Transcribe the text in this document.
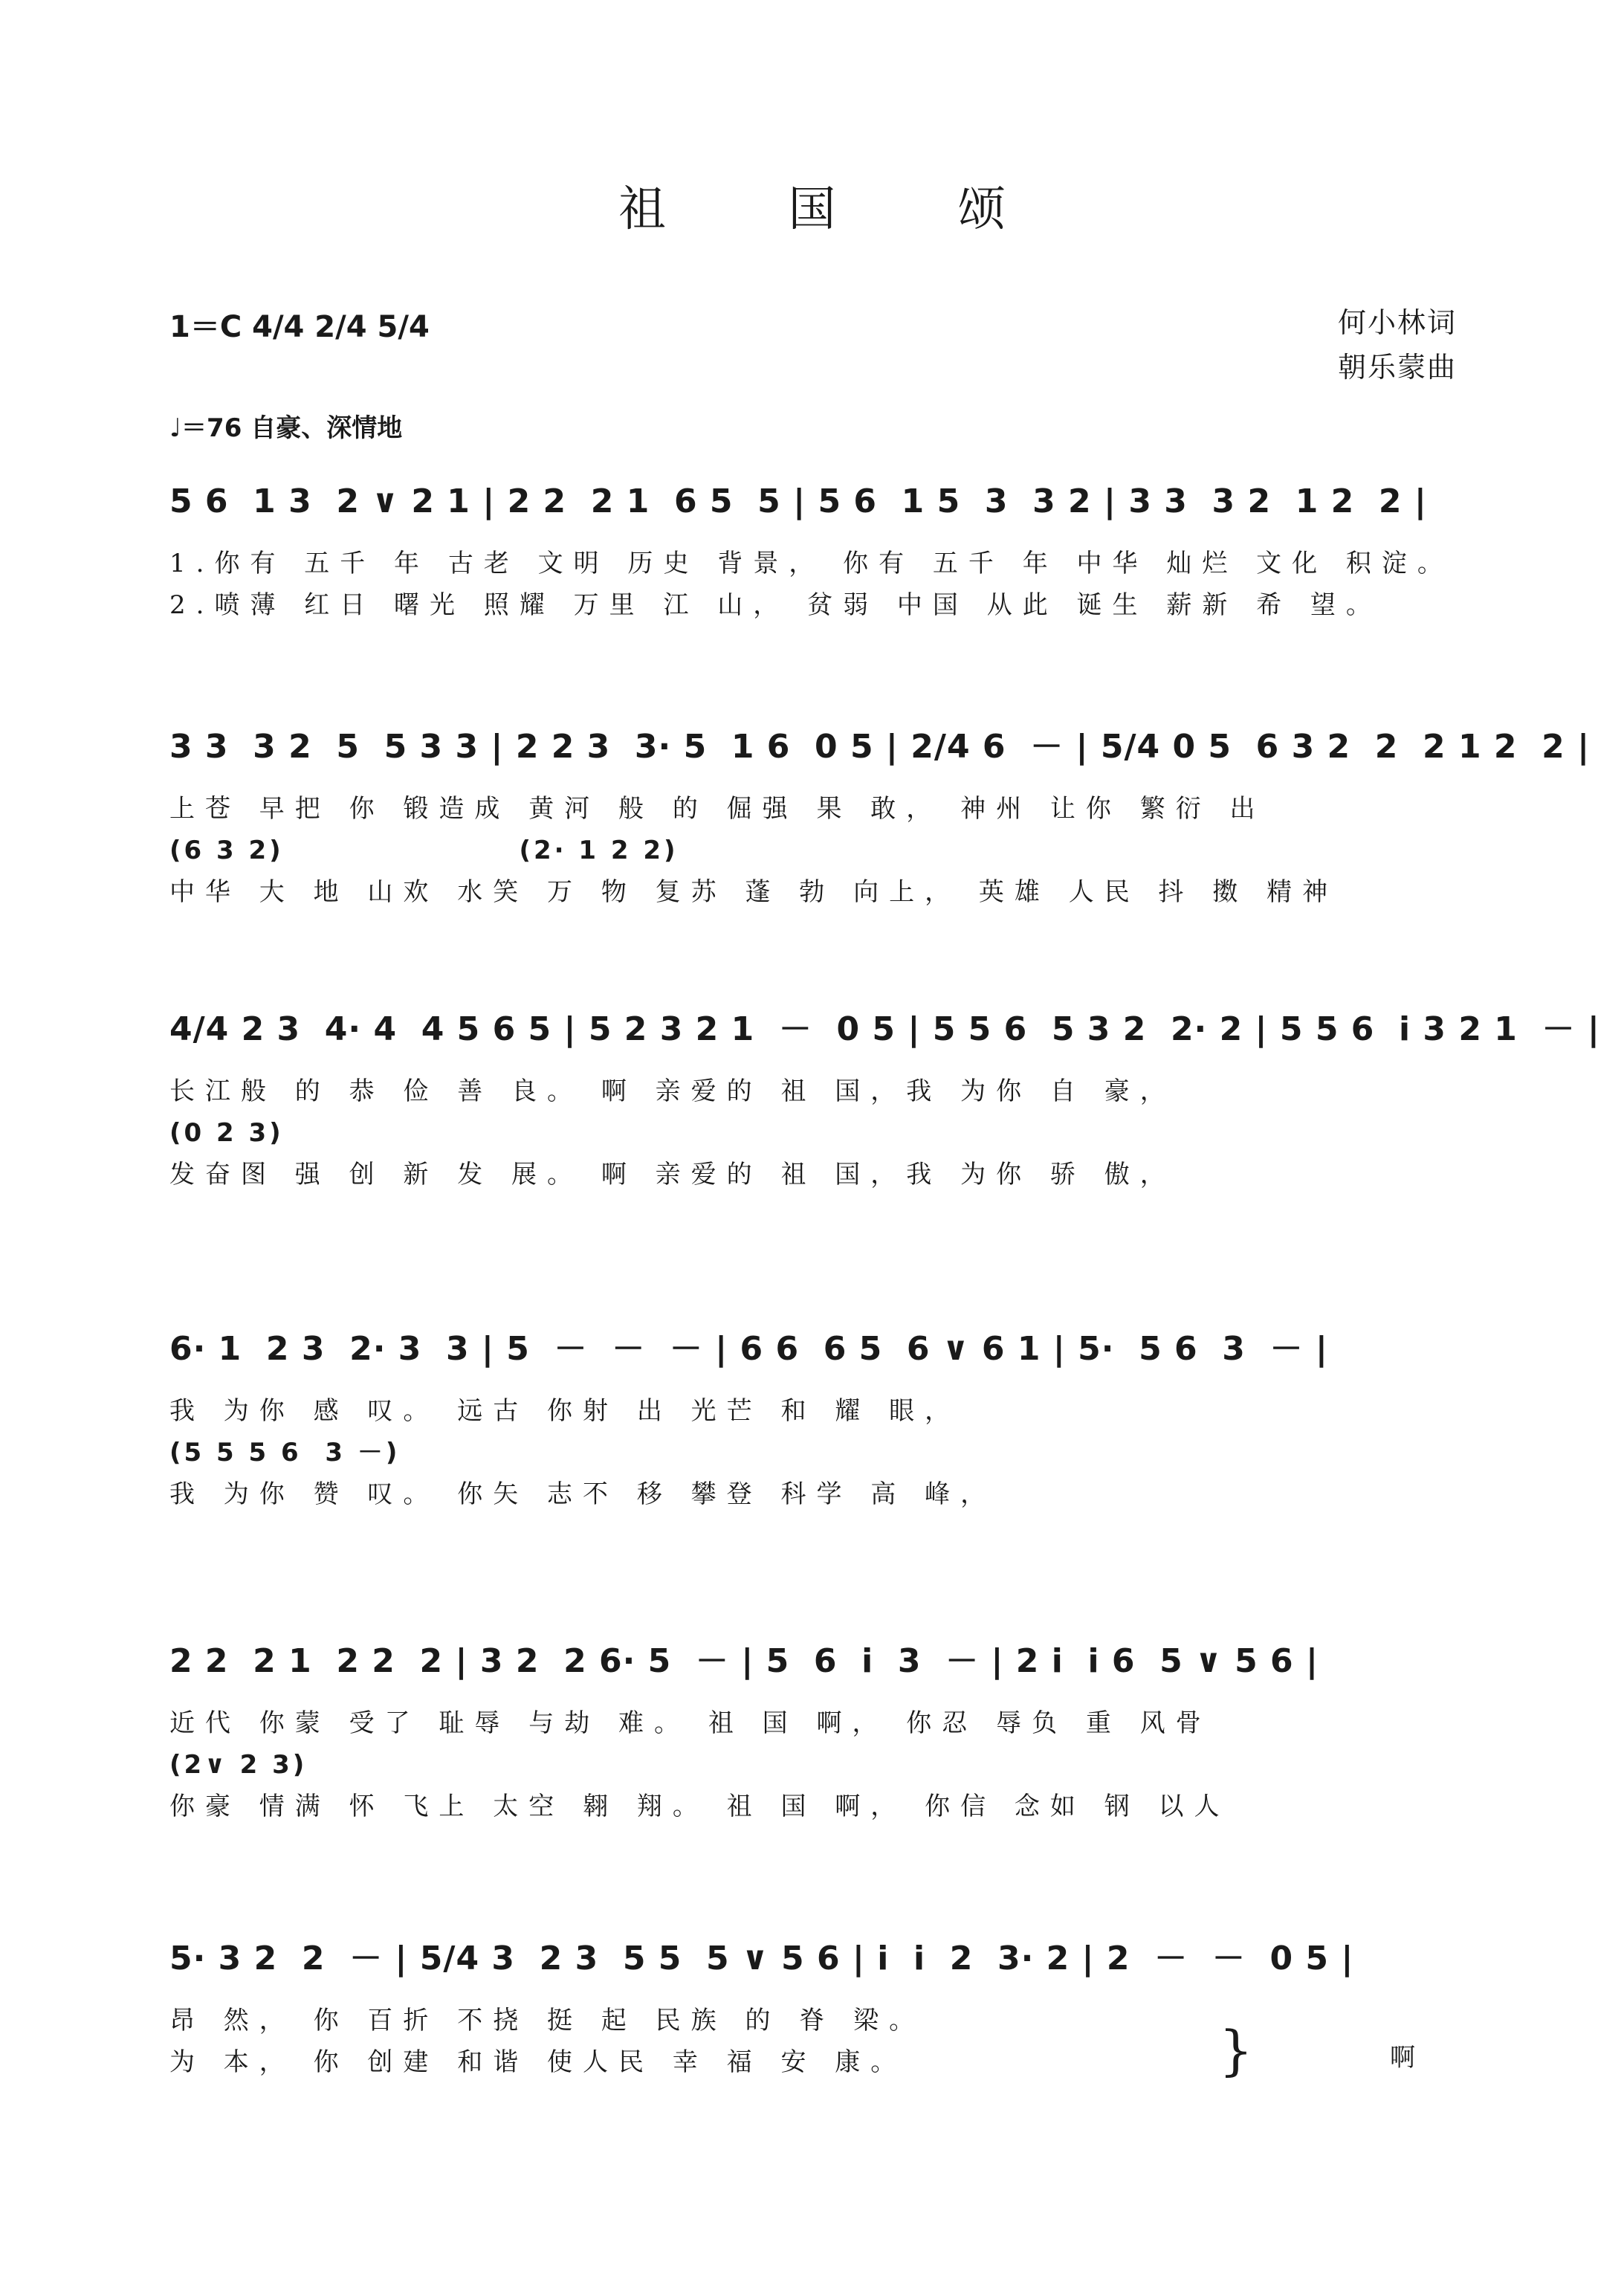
祖 国 颂
1＝C 4/4 2/4 5/4	何小林词
朝乐蒙曲
♩＝76 自豪、深情地
5 6  1 3  2 ∨ 2 1 | 2 2  2 1  6 5  5 | 5 6  1 5  3  3 2 | 3 3  3 2  1 2  2 |
1.你有 五千 年 古老 文明 历史 背景， 你有 五千 年 中华 灿烂 文化 积淀。
2.喷薄 红日 曙光 照耀 万里 江 山， 贫弱 中国 从此 诞生 薪新 希 望。
3 3  3 2  5  5 3 3 | 2 2 3  3· 5  1 6  0 5 | 2/4 6  － | 5/4 0 5  6 3 2  2  2 1 2  2 |
上苍 早把 你 锻造成 黄河 般 的 倔强 果 敢， 神州 让你 繁衍 出
(6 3 2)                    (2· 1 2 2)
中华 大 地 山欢 水笑 万 物 复苏 蓬 勃 向上， 英雄 人民 抖 擞 精神
4/4 2 3  4· 4  4 5 6 5 | 5 2 3 2 1  －  0 5 | 5 5 6  5 3 2  2· 2 | 5 5 6  i 3 2 1  － |
长江般 的 恭 俭 善 良。 啊 亲爱的 祖 国，我 为你 自 豪，
(0 2 3)
发奋图 强 创 新 发 展。 啊 亲爱的 祖 国，我 为你 骄 傲，
6· 1  2 3  2· 3  3 | 5  －  －  － | 6 6  6 5  6 ∨ 6 1 | 5·  5 6  3  － |
我 为你 感 叹。 远古 你射 出 光芒 和 耀 眼，
(5 5 5 6  3 －)
我 为你 赞 叹。 你矢 志不 移 攀登 科学 高 峰，
2 2  2 1  2 2  2 | 3 2  2 6· 5  － | 5  6  i  3  － | 2 i  i 6  5 ∨ 5 6 |
近代 你蒙 受了 耻辱 与劫 难。 祖 国 啊， 你忍 辱负 重 风骨
(2∨ 2 3)
你豪 情满 怀 飞上 太空 翱 翔。 祖 国 啊， 你信 念如 钢 以人
5· 3 2  2  － | 5/4 3  2 3  5 5  5 ∨ 5 6 | i  i  2  3· 2 | 2  －  －  0 5 |
昂 然， 你 百折 不挠 挺 起 民族 的 脊 梁。
为 本， 你 创建 和谐 使人民 幸 福 安 康。	}	啊
